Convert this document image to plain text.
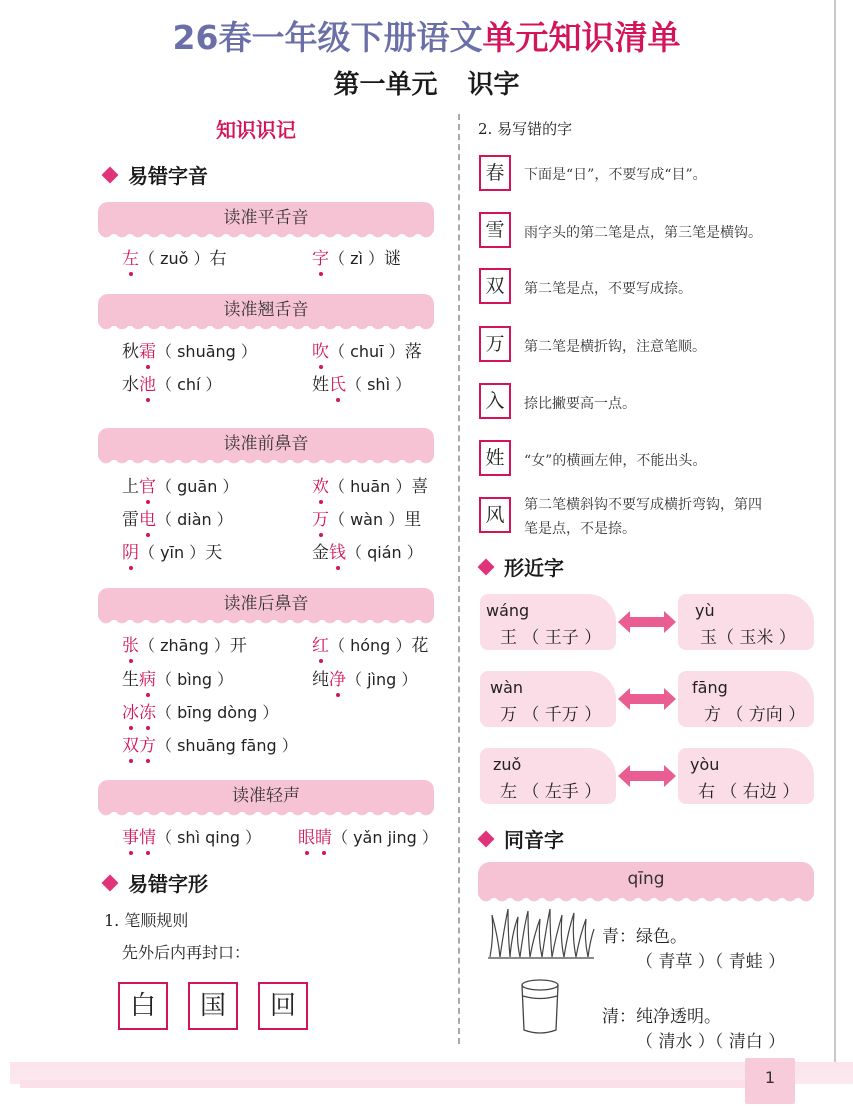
1
26春一年级下册语文单元知识清单
第一单元 识字
知识识记
易错字音
读准平舌音
左（ zuǒ ）右	字（ zì ）谜
读准翘舌音
秋霜（ shuāng ）	吹（ chuī ）落
水池（ chí ）	姓氏（ shì ）
读准前鼻音
上官（ guān ）	欢（ huān ）喜
雷电（ diàn ）	万（ wàn ）里
阴（ yīn ）天	金钱（ qián ）
读准后鼻音
张（ zhāng ）开	红（ hóng ）花
生病（ bìng ）	纯净（ jìng ）
冰冻（ bīng dòng ）
双方（ shuāng fāng ）
读准轻声
事情（ shì qing ） 眼睛（ yǎn jing ）
易错字形
1. 笔顺规则
先外后内再封口：
白	国	回
2. 易写错的字
春	下面是“日”，不要写成“目”。
雪	雨字头的第二笔是点，第三笔是横钩。
双	第二笔是点，不要写成捺。
万	第二笔是横折钩，注意笔顺。
入	捺比撇要高一点。
姓	“女”的横画左伸，不能出头。
风	第二笔横斜钩不要写成横折弯钩，第四
笔是点，不是捺。
形近字
wáng
王 （ 王子 ）
yù
玉（ 玉米 ）
wàn
万 （ 千万 ）
fāng
方 （ 方向 ）
zuǒ
左 （ 左手 ）
yòu
右 （ 右边 ）
同音字
qīng
青：绿色。
（ 青草 ）（ 青蛙 ）
清：纯净透明。
（ 清水 ）（ 清白 ）
